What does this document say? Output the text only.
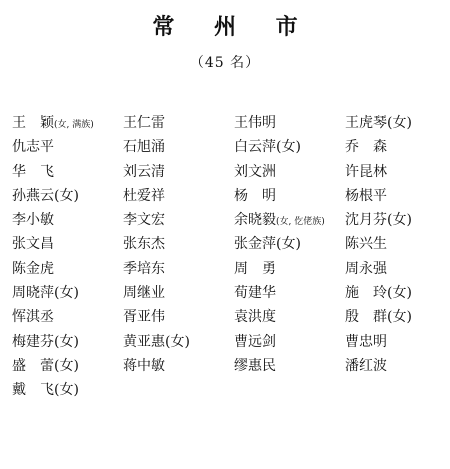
常 州 市
（45 名）
王　颖(女, 满族)	王仁雷	王伟明	王虎琴(女)
仇志平	石旭涌	白云萍(女)	乔　森
华　飞	刘云清	刘文洲	许昆林
孙燕云(女)	杜爱祥	杨　明	杨根平
李小敏	李文宏	余晓毅(女, 仡佬族)	沈月芬(女)
张文昌	张东杰	张金萍(女)	陈兴生
陈金虎	季培东	周　勇	周永强
周晓萍(女)	周继业	荀建华	施　玲(女)
恽淇丞	胥亚伟	袁洪度	殷　群(女)
梅建芬(女)	黄亚惠(女)	曹远剑	曹忠明
盛　蕾(女)	蒋中敏	缪惠民	潘红波
戴　飞(女)
